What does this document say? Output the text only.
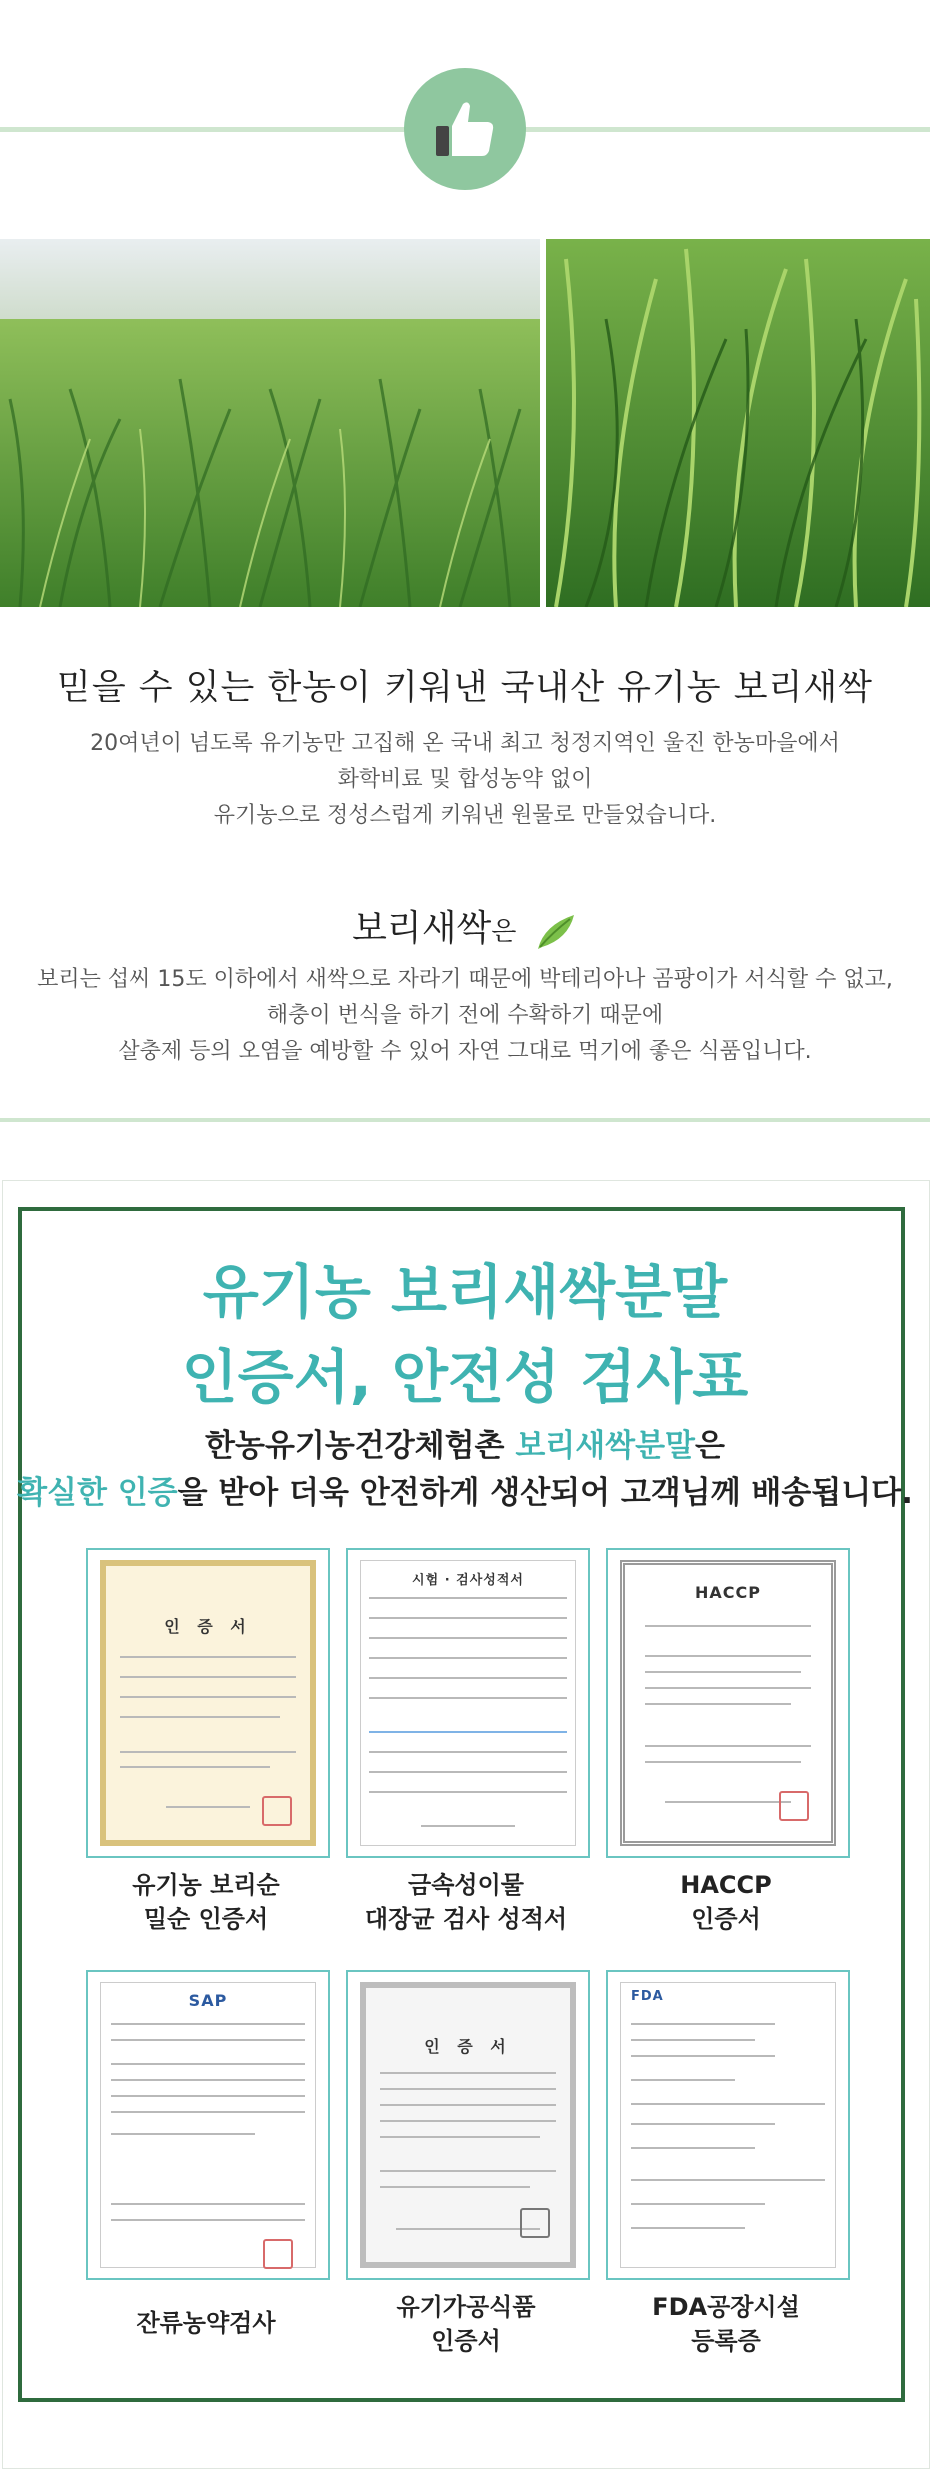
믿을 수 있는 한농이 키워낸 국내산 유기농 보리새싹
20여년이 넘도록 유기농만 고집해 온 국내 최고 청정지역인 울진 한농마을에서
화학비료 및 합성농약 없이
유기농으로 정성스럽게 키워낸 원물로 만들었습니다.
보리새싹은
보리는 섭씨 15도 이하에서 새싹으로 자라기 때문에 박테리아나 곰팡이가 서식할 수 없고,
해충이 번식을 하기 전에 수확하기 때문에
살충제 등의 오염을 예방할 수 있어 자연 그대로 먹기에 좋은 식품입니다.
유기농 보리새싹분말
인증서, 안전성 검사표
한농유기농건강체험촌 보리새싹분말은
확실한 인증을 받아 더욱 안전하게 생산되어 고객님께 배송됩니다.
인 증 서
시험 · 검사성적서
HACCP
유기농 보리순
밀순 인증서
금속성이물
대장균 검사 성적서
HACCP
인증서
SAP
인 증 서
FDA
잔류농약검사
유기가공식품
인증서
FDA공장시설
등록증
